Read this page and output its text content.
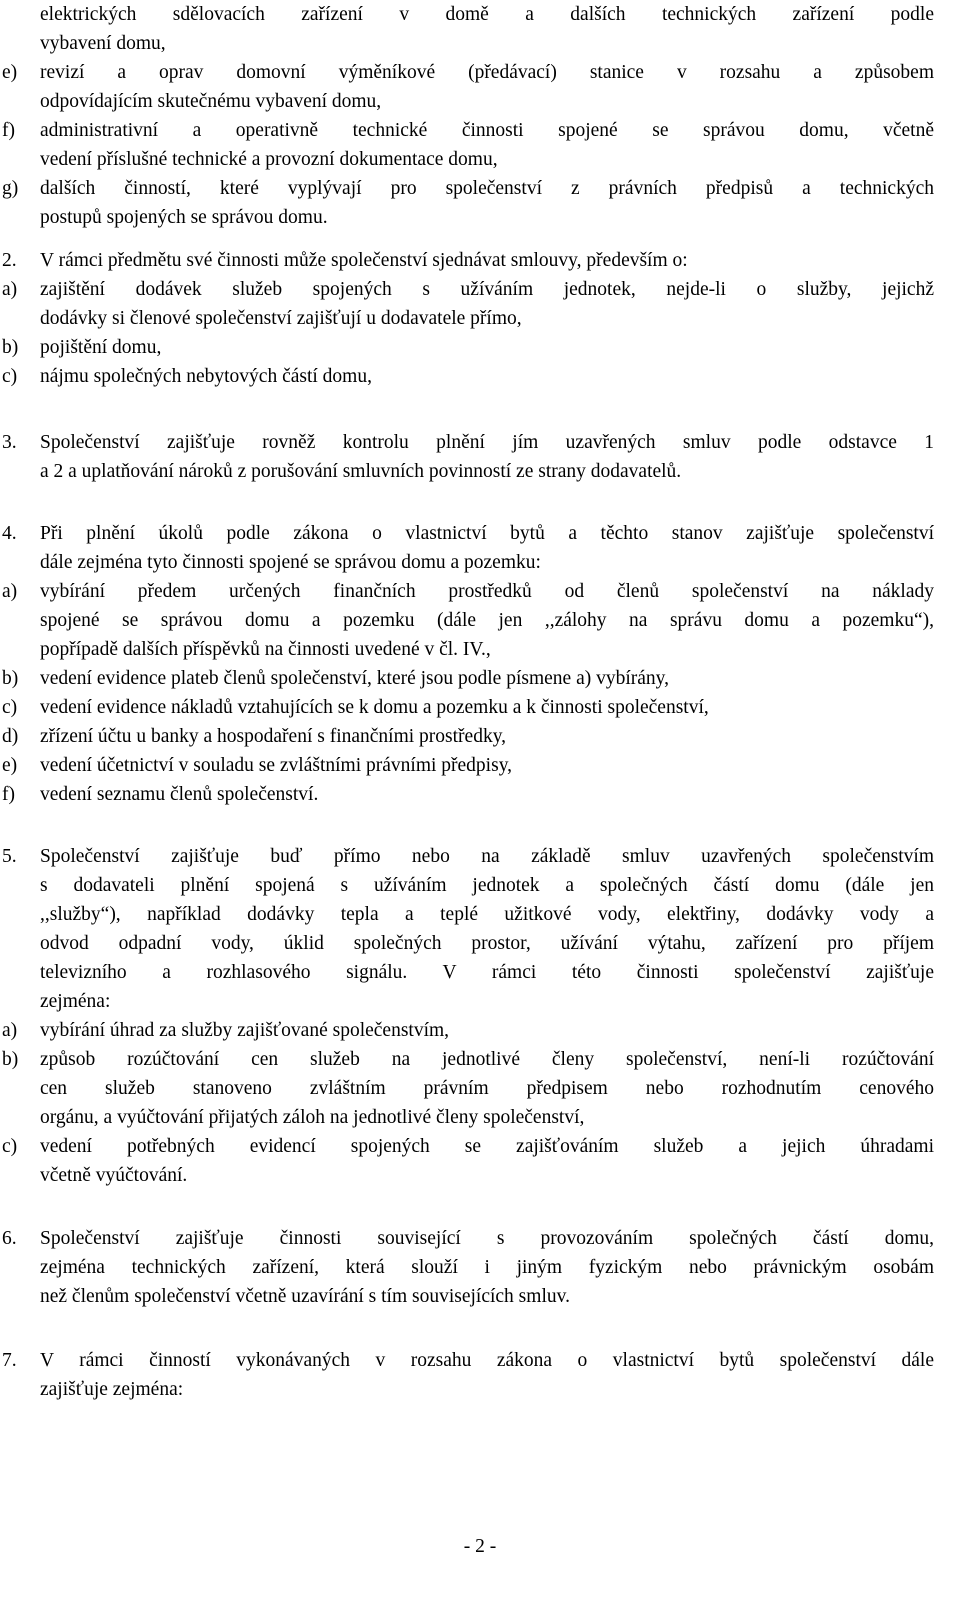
elektrických sdělovacích zařízení v domě a dalších technických zařízení podle
vybavení domu,
e) revizí a oprav domovní výměníkové (předávací) stanice v rozsahu a způsobem
odpovídajícím skutečnému vybavení domu,
f) administrativní a operativně technické činnosti spojené se správou domu, včetně
vedení příslušné technické a provozní dokumentace domu,
g) dalších činností, které vyplývají pro společenství z právních předpisů a technických
postupů spojených se správou domu.
2. V rámci předmětu své činnosti může společenství sjednávat smlouvy, především o:
a) zajištění dodávek služeb spojených s užíváním jednotek, nejde-li o služby, jejichž
dodávky si členové společenství zajišťují u dodavatele přímo,
b) pojištění domu,
c) nájmu společných nebytových částí domu,
3. Společenství zajišťuje rovněž kontrolu plnění jím uzavřených smluv podle odstavce 1
a 2 a uplatňování nároků z porušování smluvních povinností ze strany dodavatelů.
4. Při plnění úkolů podle zákona o vlastnictví bytů a těchto stanov zajišťuje společenství
dále zejména tyto činnosti spojené se správou domu a pozemku:
a) vybírání předem určených finančních prostředků od členů společenství na náklady
spojené se správou domu a pozemku (dále jen ,,zálohy na správu domu a pozemku“),
popřípadě dalších příspěvků na činnosti uvedené v čl. IV.,
b) vedení evidence plateb členů společenství, které jsou podle písmene a) vybírány,
c) vedení evidence nákladů vztahujících se k domu a pozemku a k činnosti společenství,
d) zřízení účtu u banky a hospodaření s finančními prostředky,
e) vedení účetnictví v souladu se zvláštními právními předpisy,
f) vedení seznamu členů společenství.
5. Společenství zajišťuje buď přímo nebo na základě smluv uzavřených společenstvím
s dodavateli plnění spojená s užíváním jednotek a společných částí domu (dále jen
,,služby“), například dodávky tepla a teplé užitkové vody, elektřiny, dodávky vody a
odvod odpadní vody, úklid společných prostor, užívání výtahu, zařízení pro příjem
televizního a rozhlasového signálu. V rámci této činnosti společenství zajišťuje
zejména:
a) vybírání úhrad za služby zajišťované společenstvím,
b) způsob rozúčtování cen služeb na jednotlivé členy společenství, není-li rozúčtování
cen služeb stanoveno zvláštním právním předpisem nebo rozhodnutím cenového
orgánu, a vyúčtování přijatých záloh na jednotlivé členy společenství,
c) vedení potřebných evidencí spojených se zajišťováním služeb a jejich úhradami
včetně vyúčtování.
6. Společenství zajišťuje činnosti související s provozováním společných částí domu,
zejména technických zařízení, která slouží i jiným fyzickým nebo právnickým osobám
než členům společenství včetně uzavírání s tím souvisejících smluv.
7. V rámci činností vykonávaných v rozsahu zákona o vlastnictví bytů společenství dále
zajišťuje zejména:
- 2 -
